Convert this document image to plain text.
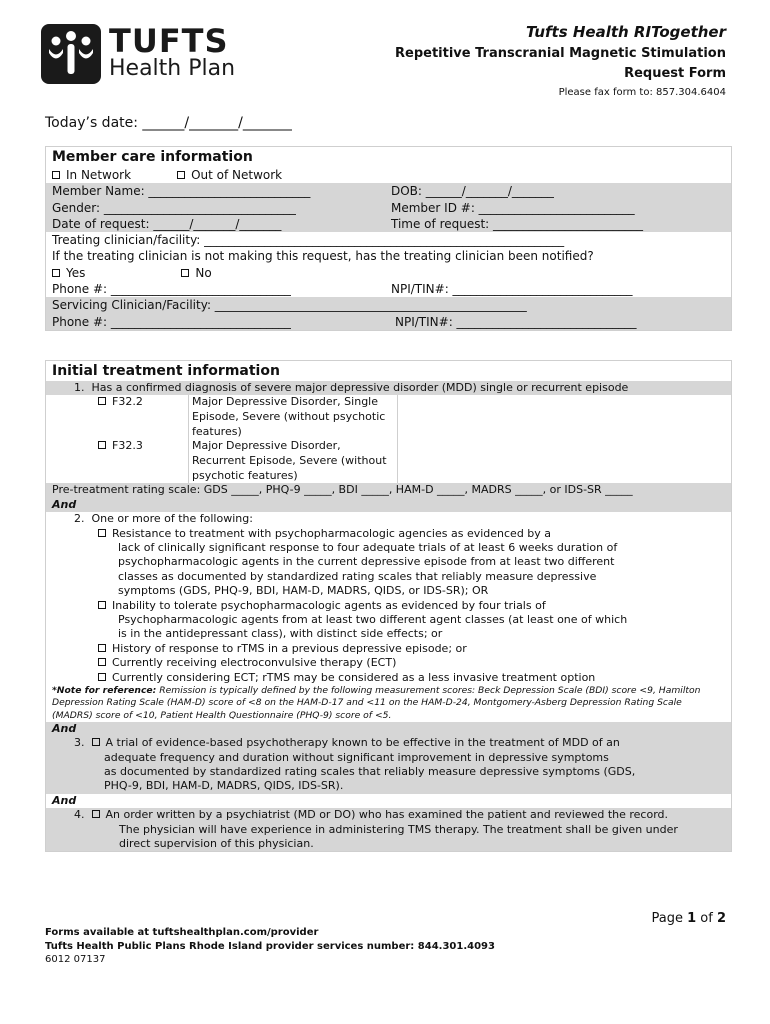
TUFTS
Health Plan
Tufts Health RITogether
Repetitive Transcranial Magnetic Stimulation
Request Form
Please fax form to: 857.304.6404
Today’s date: ______/_______/_______
Member care information
In Network	Out of Network
Member Name: ___________________________	DOB: ______/_______/_______
Gender: ________________________________	Member ID #: __________________________
Date of request: ______/_______/_______	Time of request: _________________________
Treating clinician/facility: ____________________________________________________________
If the treating clinician is not making this request, has the treating clinician been notified?
Yes	No
Phone #: ______________________________	NPI/TIN#: ______________________________
Servicing Clinician/Facility: ____________________________________________________
Phone #: ______________________________	NPI/TIN#: ______________________________
Initial treatment information
1.  Has a confirmed diagnosis of severe major depressive disorder (MDD) single or recurrent episode
F32.2	Major Depressive Disorder, Single Episode, Severe (without psychotic features)
F32.3	Major Depressive Disorder, Recurrent Episode, Severe (without psychotic features)
Pre-treatment rating scale: GDS _____, PHQ-9 _____, BDI _____, HAM-D _____, MADRS _____, or IDS-SR _____
And
2.  One or more of the following:
Resistance to treatment with psychopharmacologic agencies as evidenced by a
lack of clinically significant response to four adequate trials of at least 6 weeks duration of
psychopharmacologic agents in the current depressive episode from at least two different
classes as documented by standardized rating scales that reliably measure depressive
symptoms (GDS, PHQ-9, BDI, HAM-D, MADRS, QIDS, or IDS-SR); OR
Inability to tolerate psychopharmacologic agents as evidenced by four trials of
Psychopharmacologic agents from at least two different agent classes (at least one of which
is in the antidepressant class), with distinct side effects; or
History of response to rTMS in a previous depressive episode; or
Currently receiving electroconvulsive therapy (ECT)
Currently considering ECT; rTMS may be considered as a less invasive treatment option
*Note for reference: Remission is typically defined by the following measurement scores: Beck Depression Scale (BDI) score <9, Hamilton Depression Rating Scale (HAM-D) score of <8 on the HAM-D-17 and <11 on the HAM-D-24, Montgomery-Asberg Depression Rating Scale (MADRS) score of <10, Patient Health Questionnaire (PHQ-9) score of <5.
And
3. A trial of evidence-based psychotherapy known to be effective in the treatment of MDD of an
adequate frequency and duration without significant improvement in depressive symptoms
as documented by standardized rating scales that reliably measure depressive symptoms (GDS,
PHQ-9, BDI, HAM-D, MADRS, QIDS, IDS-SR).
And
4. An order written by a psychiatrist (MD or DO) who has examined the patient and reviewed the record.
The physician will have experience in administering TMS therapy. The treatment shall be given under
direct supervision of this physician.
Page 1 of 2
Forms available at tuftshealthplan.com/provider
Tufts Health Public Plans Rhode Island provider services number: 844.301.4093
6012 07137
